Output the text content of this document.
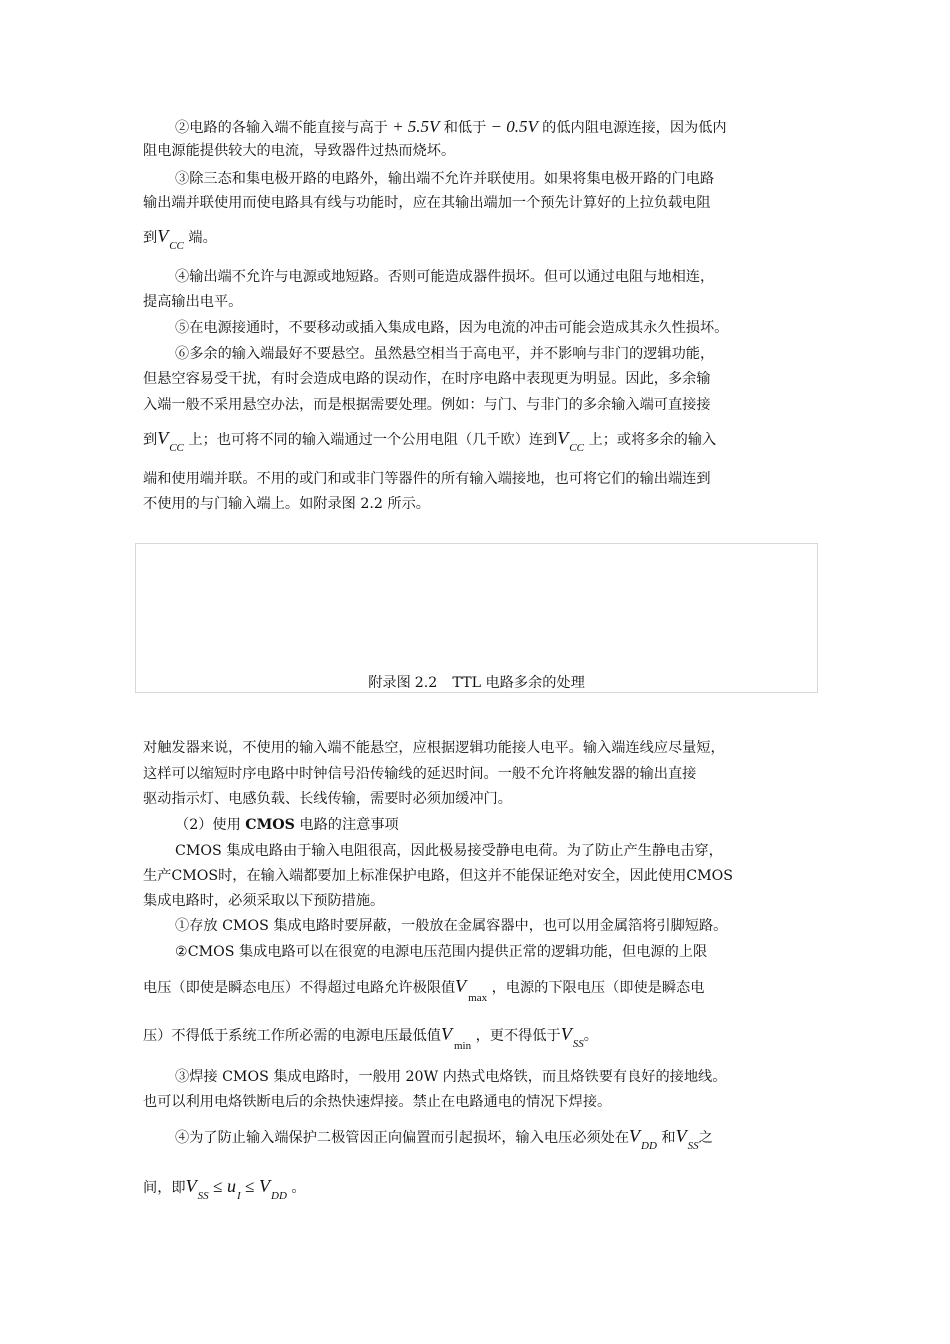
②电路的各输入端不能直接与高于 + 5.5V 和低于 − 0.5V 的低内阻电源连接，因为低内
阻电源能提供较大的电流，导致器件过热而烧坏。
③除三态和集电极开路的电路外，输出端不允许并联使用。如果将集电极开路的门电路
输出端并联使用而使电路具有线与功能时，应在其输出端加一个预先计算好的上拉负载电阻
到$V_{CC}$ 端。
④输出端不允许与电源或地短路。否则可能造成器件损坏。但可以通过电阻与地相连，
提高输出电平。
⑤在电源接通时，不要移动或插入集成电路，因为电流的冲击可能会造成其永久性损坏。
⑥多余的输入端最好不要悬空。虽然悬空相当于高电平，并不影响与非门的逻辑功能，
但悬空容易受干扰，有时会造成电路的误动作，在时序电路中表现更为明显。因此，多余输
入端一般不采用悬空办法，而是根据需要处理。例如：与门、与非门的多余输入端可直接接
到$V_{CC}$ 上；也可将不同的输入端通过一个公用电阻（几千欧）连到$V_{CC}$ 上；或将多余的输入
端和使用端并联。不用的或门和或非门等器件的所有输入端接地，也可将它们的输出端连到
不使用的与门输入端上。如附录图 2.2 所示。
附录图 2.2 TTL 电路多余的处理
对触发器来说，不使用的输入端不能悬空，应根据逻辑功能接人电平。输入端连线应尽量短，
这样可以缩短时序电路中时钟信号沿传输线的延迟时间。一般不允许将触发器的输出直接
驱动指示灯、电感负载、长线传输，需要时必须加缓冲门。
（2）使用 CMOS 电路的注意事项
CMOS 集成电路由于输入电阻很高，因此极易接受静电电荷。为了防止产生静电击穿，
生产CMOS时，在输入端都要加上标准保护电路，但这并不能保证绝对安全，因此使用CMOS
集成电路时，必须采取以下预防措施。
①存放 CMOS 集成电路时要屏蔽，一般放在金属容器中，也可以用金属箔将引脚短路。
②CMOS 集成电路可以在很宽的电源电压范围内提供正常的逻辑功能，但电源的上限
电压（即使是瞬态电压）不得超过电路允许极限值$V_{max}$ ，电源的下限电压（即使是瞬态电
压）不得低于系统工作所必需的电源电压最低值$V_{min}$ ，更不得低于$V_{SS}$。
③焊接 CMOS 集成电路时，一般用 20W 内热式电烙铁，而且烙铁要有良好的接地线。
也可以利用电烙铁断电后的余热快速焊接。禁止在电路通电的情况下焊接。
④为了防止输入端保护二极管因正向偏置而引起损坏，输入电压必须处在$V_{DD}$ 和$V_{SS}$之
间，即$V_{SS} \le u_I \le V_{DD}$ 。
